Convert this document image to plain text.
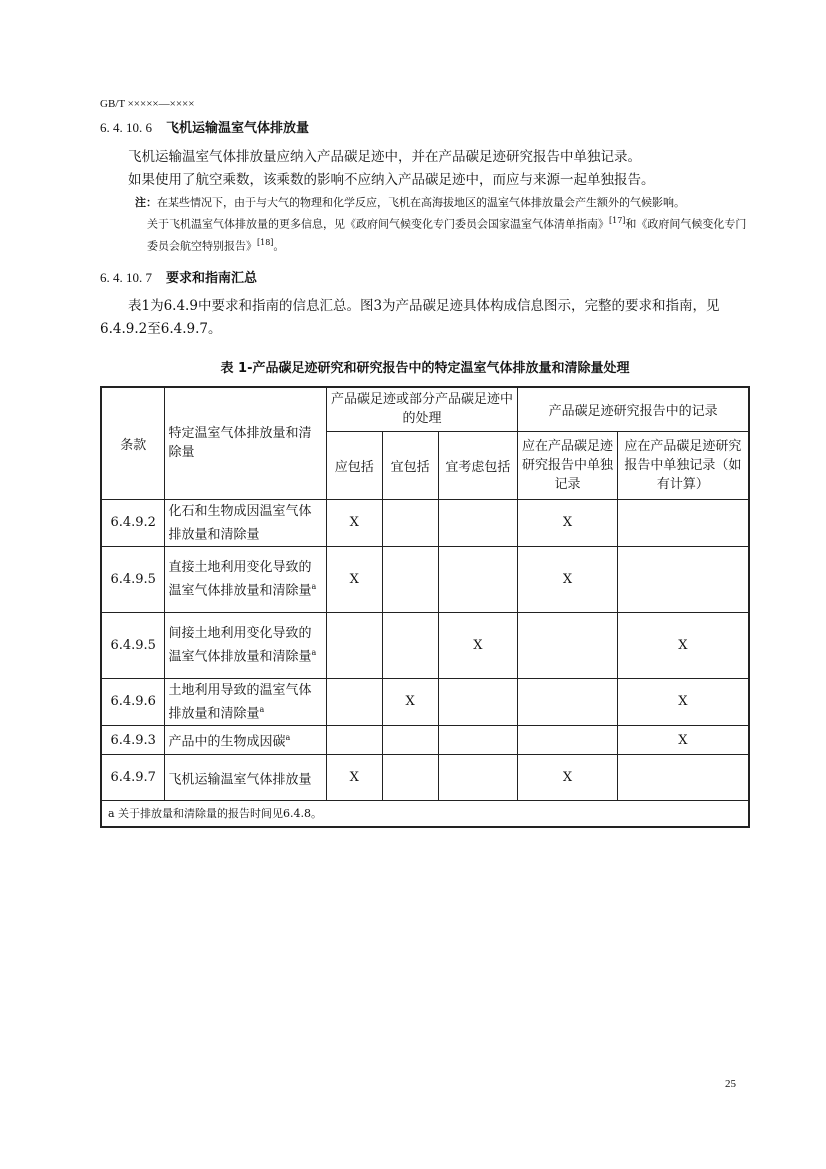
GB/T ×××××—××××
6. 4. 10. 6 飞机运输温室气体排放量
飞机运输温室气体排放量应纳入产品碳足迹中，并在产品碳足迹研究报告中单独记录。
如果使用了航空乘数，该乘数的影响不应纳入产品碳足迹中，而应与来源一起单独报告。
注：在某些情况下，由于与大气的物理和化学反应，飞机在高海拔地区的温室气体排放量会产生额外的气候影响。
关于飞机温室气体排放量的更多信息，见《政府间气候变化专门委员会国家温室气体清单指南》[17]和《政府间气候变化专门委员会航空特别报告》[18]。
6. 4. 10. 7 要求和指南汇总
表1为6.4.9中要求和指南的信息汇总。图3为产品碳足迹具体构成信息图示，完整的要求和指南，见6.4.9.2至6.4.9.7。
表 1-产品碳足迹研究和研究报告中的特定温室气体排放量和清除量处理
条款	特定温室气体排放量和清除量	产品碳足迹或部分产品碳足迹中的处理			产品碳足迹研究报告中的记录	
		应包括	宜包括	宜考虑包括	应在产品碳足迹研究报告中单独记录	应在产品碳足迹研究报告中单独记录（如有计算）
6.4.9.2	化石和生物成因温室气体排放量和清除量	X			X	
6.4.9.5	直接土地利用变化导致的温室气体排放量和清除量$^a$	X			X	
6.4.9.5	间接土地利用变化导致的温室气体排放量和清除量$^a$			X		X
6.4.9.6	土地利用导致的温室气体排放量和清除量$^a$		X			X
6.4.9.3	产品中的生物成因碳$^a$					X
6.4.9.7	飞机运输温室气体排放量	X			X	
a 关于排放量和清除量的报告时间见6.4.8。						
25
